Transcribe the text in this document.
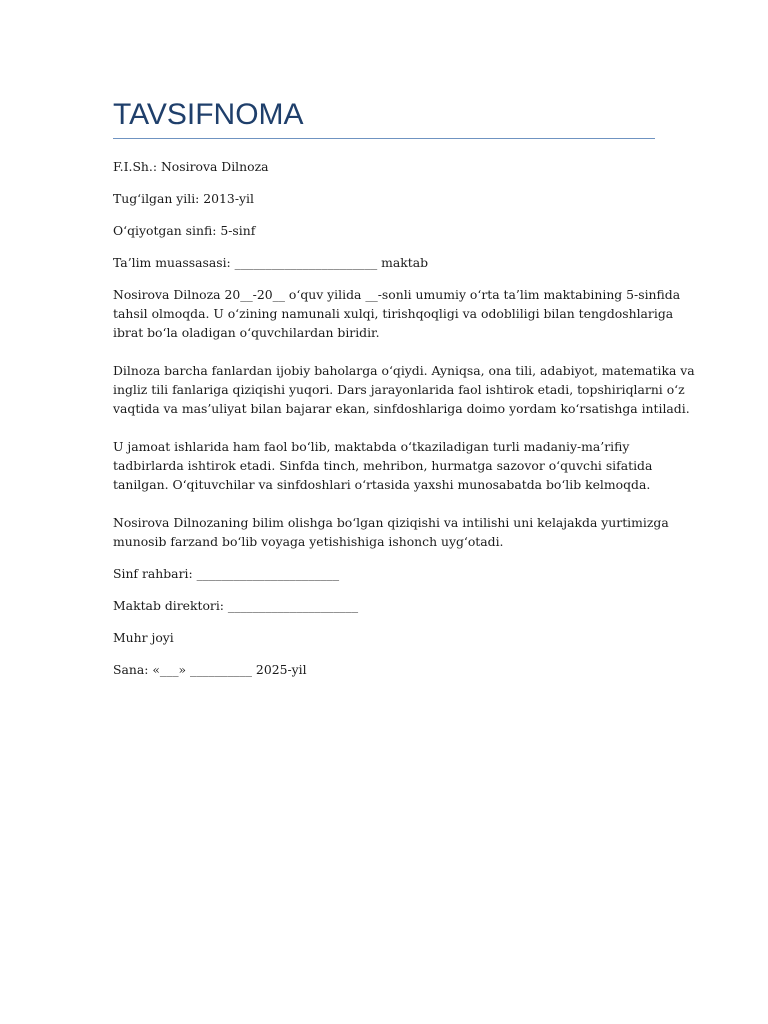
TAVSIFNOMA

F.I.Sh.: Nosirova Dilnoza

Tug‘ilgan yili: 2013-yil

O‘qiyotgan sinfi: 5-sinf

Ta’lim muassasasi: _______________________ maktab

Nosirova Dilnoza 20__-20__ o‘quv yilida __-sonli umumiy o‘rta ta’lim maktabining 5-sinfida
tahsil olmoqda. U o‘zining namunali xulqi, tirishqoqligi va odobliligi bilan tengdoshlariga
ibrat bo‘la oladigan o‘quvchilardan biridir.
Dilnoza barcha fanlardan ijobiy baholarga o‘qiydi. Ayniqsa, ona tili, adabiyot, matematika va
ingliz tili fanlariga qiziqishi yuqori. Dars jarayonlarida faol ishtirok etadi, topshiriqlarni o‘z
vaqtida va mas’uliyat bilan bajarar ekan, sinfdoshlariga doimo yordam ko‘rsatishga intiladi.
U jamoat ishlarida ham faol bo‘lib, maktabda o‘tkaziladigan turli madaniy-ma’rifiy
tadbirlarda ishtirok etadi. Sinfda tinch, mehribon, hurmatga sazovor o‘quvchi sifatida
tanilgan. O‘qituvchilar va sinfdoshlari o‘rtasida yaxshi munosabatda bo‘lib kelmoqda.
Nosirova Dilnozaning bilim olishga bo‘lgan qiziqishi va intilishi uni kelajakda yurtimizga
munosib farzand bo‘lib voyaga yetishishiga ishonch uyg‘otadi.

Sinf rahbari: _______________________

Maktab direktori: _____________________

Muhr joyi

Sana: «___» __________ 2025-yil
